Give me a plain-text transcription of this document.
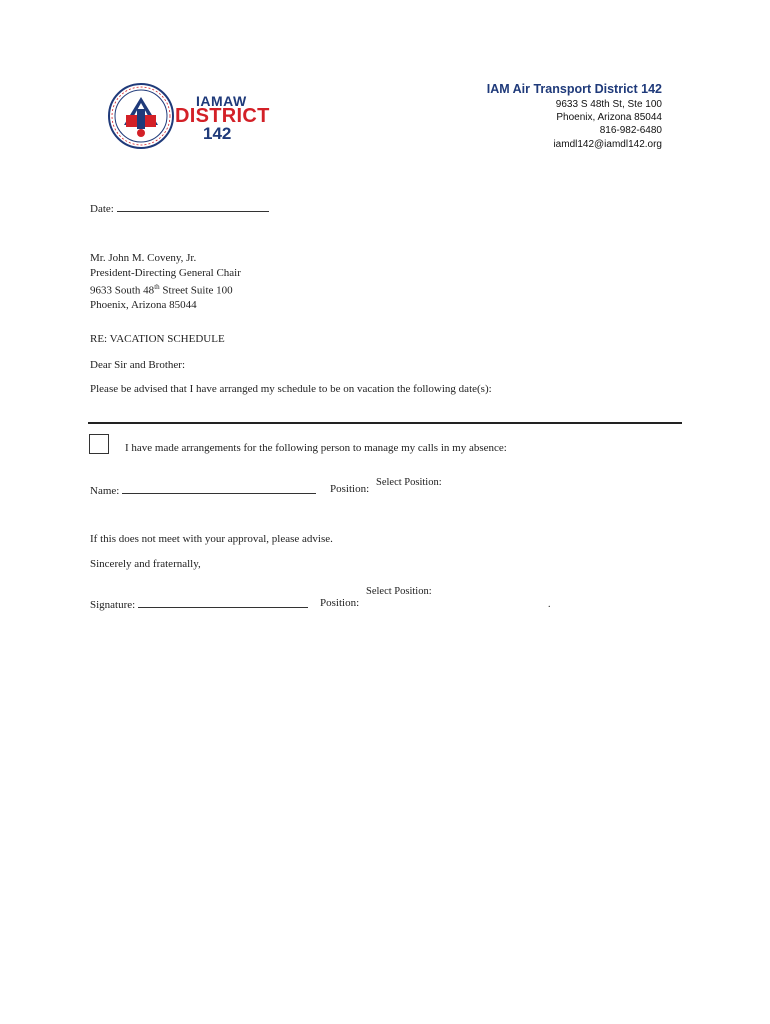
IAMAW
DISTRICT
142
IAM Air Transport District 142
9633 S 48th St, Ste 100
Phoenix, Arizona 85044
816-982-6480
iamdl142@iamdl142.org
Date:
Mr. John M. Coveny, Jr.
President-Directing General Chair
9633 South 48th Street Suite 100
Phoenix, Arizona 85044
RE: VACATION SCHEDULE
Dear Sir and Brother:
Please be advised that I have arranged my schedule to be on vacation the following date(s):
I have made arrangements for the following person to manage my calls in my absence:
Name:	Position:
Select Position:
If this does not meet with your approval, please advise.
Sincerely and fraternally,
Signature:	Position:
Select Position:
.
